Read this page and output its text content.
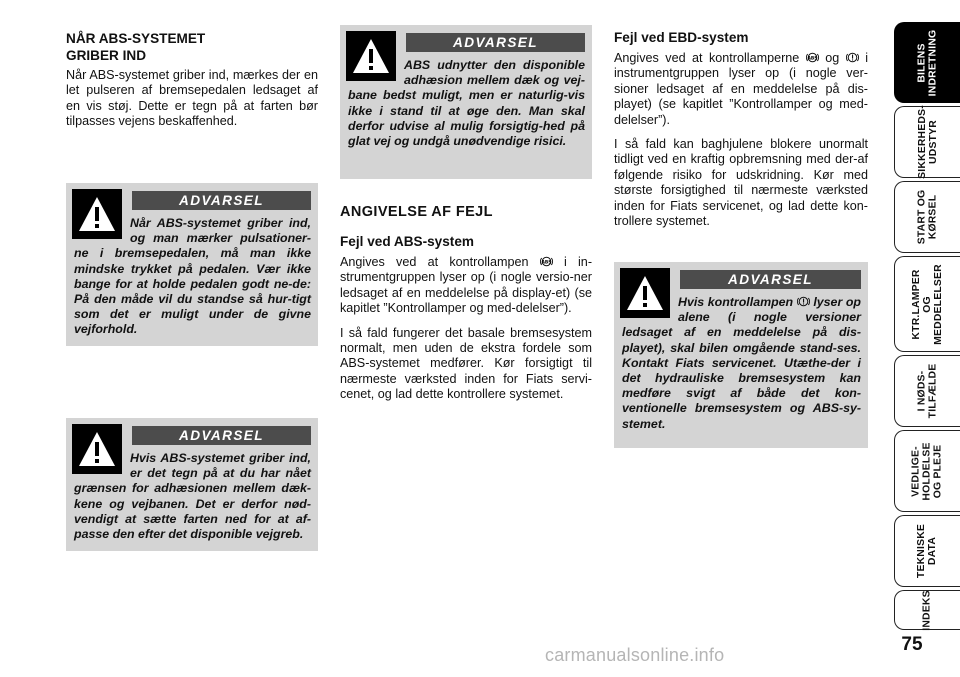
NÅR ABS-SYSTEMET
GRIBER IND

Når ABS-systemet griber ind, mærkes der en let pulseren af bremsepedalen ledsaget af en vis støj. Dette er tegn på at farten bør tilpasses vejens beskaffenhed.

ADVARSEL
Når ABS-systemet griber ind, og man mærker pulsationer-ne i bremsepedalen, må man ikke mindske trykket på pedalen. Vær ikke bange for at holde pedalen godt ne-de: På den måde vil du standse så hur-tigt som det er muligt under de givne vejforhold.
ADVARSEL
Hvis ABS-systemet griber ind, er det tegn på at du har nået grænsen for adhæsionen mellem dæk-kene og vejbanen. Det er derfor nød-vendigt at sætte farten ned for at af-passe den efter det disponible vejgreb.
ADVARSEL
ABS udnytter den disponible adhæsion mellem dæk og vej-bane bedst muligt, men er naturlig-vis ikke i stand til at øge den. Man skal derfor udvise al mulig forsigtig-hed på glat vej og undgå unødvendige risici.

ANGIVELSE AF FEJL

Fejl ved ABS-system

Angives ved at kontrollampen	ABS i in-strumentgruppen lyser op (i nogle versio-ner ledsaget af en meddelelse på display-et) (se kapitlet ”Kontrollamper og med-delelser”).

I så fald fungerer det basale bremsesystem normalt, men uden de ekstra fordele som ABS-systemet medfører. Kør forsigtigt til nærmeste værksted inden for Fiats servi-cenet, og lad dette kontrollere systemet.

Fejl ved EBD-system

Angives ved at kontrollamperne ABS og i instrumentgruppen lyser op (i nogle ver-sioner ledsaget af en meddelelse på dis-playet) (se kapitlet ”Kontrollamper og med-delelser”).

I så fald kan baghjulene blokere unormalt tidligt ved en kraftig opbremsning med der-af følgende risiko for udskridning. Kør med største forsigtighed til nærmeste værksted inden for Fiats servicenet, og lad dette kon-trollere systemet.

ADVARSEL
Hvis kontrollampen lyser op alene (i nogle versioner ledsaget af en meddelelse på dis-playet), skal bilen omgående stand-ses. Kontakt Fiats servicenet. Utæthe-der i det hydrauliske bremsesystem kan medføre svigt af både det kon-ventionelle bremsesystem og ABS-sy-stemet.
BILENS
INDRETNING
SIKKERHEDS-
UDSTYR
START OG
KØRSEL
KTR.LAMPER
OG
MEDDELELSER
I NØDS-
TILFÆLDE
VEDLIGE-
HOLDELSE
OG PLEJE
TEKNISKE
DATA
INDEKS
75
carmanualsonline.info
